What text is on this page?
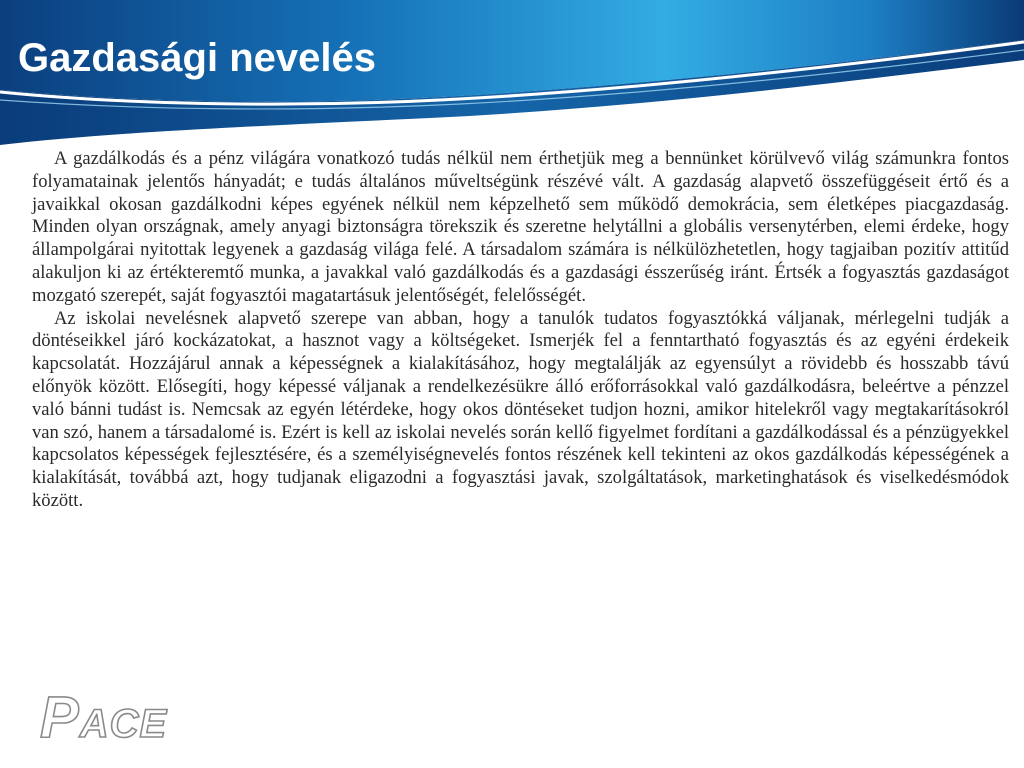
Gazdasági nevelés

A gazdálkodás és a pénz világára vonatkozó tudás nélkül nem érthetjük meg a bennünket körülvevő világ számunkra fontos folyamatainak jelentős hányadát; e tudás általános műveltségünk részévé vált. A gazdaság alapvető összefüggéseit értő és a javaikkal okosan gazdálkodni képes egyének nélkül nem képzelhető sem működő demokrácia, sem életképes piacgazdaság. Minden olyan országnak, amely anyagi biztonságra törekszik és szeretne helytállni a globális versenytérben, elemi érdeke, hogy állampolgárai nyitottak legyenek a gazdaság világa felé. A társadalom számára is nélkülözhetetlen, hogy tagjaiban pozitív attitűd alakuljon ki az értékteremtő munka, a javakkal való gazdálkodás és a gazdasági ésszerűség iránt. Értsék a fogyasztás gazdaságot mozgató szerepét, saját fogyasztói magatartásuk jelentőségét, felelősségét.

Az iskolai nevelésnek alapvető szerepe van abban, hogy a tanulók tudatos fogyasztókká váljanak, mérlegelni tudják a döntéseikkel járó kockázatokat, a hasznot vagy a költségeket. Ismerjék fel a fenntartható fogyasztás és az egyéni érdekeik kapcsolatát. Hozzájárul annak a képességnek a kialakításához, hogy megtalálják az egyensúlyt a rövidebb és hosszabb távú előnyök között. Elősegíti, hogy képessé váljanak a rendelkezésükre álló erőforrásokkal való gazdálkodásra, beleértve a pénzzel való bánni tudást is. Nemcsak az egyén létérdeke, hogy okos döntéseket tudjon hozni, amikor hitelekről vagy megtakarításokról van szó, hanem a társadalomé is. Ezért is kell az iskolai nevelés során kellő figyelmet fordítani a gazdálkodással és a pénzügyekkel kapcsolatos képességek fejlesztésére, és a személyiségnevelés fontos részének kell tekinteni az okos gazdálkodás képességének a kialakítását, továbbá azt, hogy tudjanak eligazodni a fogyasztási javak, szolgáltatások, marketinghatások és viselkedésmódok között.

PACE
